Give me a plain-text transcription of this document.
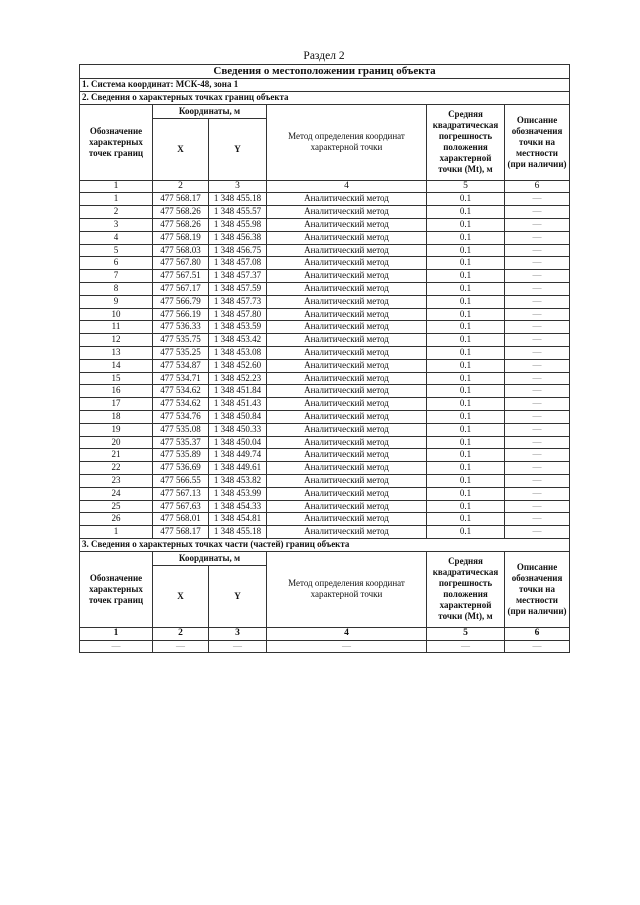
Раздел 2
Сведения о местоположении границ объекта					
1. Система координат: МСК-48, зона 1					
2. Сведения о характерных точках границ объекта					
Обозначение характерных точек границ	Координаты, м		Метод определения координат характерной точки	Средняя квадратическая погрешность положения характерной точки (Mt), м	Описание обозначения точки на местности (при наличии)
	X	Y			
1	2	3	4	5	6
1	477 568.17	1 348 455.18	Аналитический метод	0.1	—
2	477 568.26	1 348 455.57	Аналитический метод	0.1	—
3	477 568.26	1 348 455.98	Аналитический метод	0.1	—
4	477 568.19	1 348 456.38	Аналитический метод	0.1	—
5	477 568.03	1 348 456.75	Аналитический метод	0.1	—
6	477 567.80	1 348 457.08	Аналитический метод	0.1	—
7	477 567.51	1 348 457.37	Аналитический метод	0.1	—
8	477 567.17	1 348 457.59	Аналитический метод	0.1	—
9	477 566.79	1 348 457.73	Аналитический метод	0.1	—
10	477 566.19	1 348 457.80	Аналитический метод	0.1	—
11	477 536.33	1 348 453.59	Аналитический метод	0.1	—
12	477 535.75	1 348 453.42	Аналитический метод	0.1	—
13	477 535.25	1 348 453.08	Аналитический метод	0.1	—
14	477 534.87	1 348 452.60	Аналитический метод	0.1	—
15	477 534.71	1 348 452.23	Аналитический метод	0.1	—
16	477 534.62	1 348 451.84	Аналитический метод	0.1	—
17	477 534.62	1 348 451.43	Аналитический метод	0.1	—
18	477 534.76	1 348 450.84	Аналитический метод	0.1	—
19	477 535.08	1 348 450.33	Аналитический метод	0.1	—
20	477 535.37	1 348 450.04	Аналитический метод	0.1	—
21	477 535.89	1 348 449.74	Аналитический метод	0.1	—
22	477 536.69	1 348 449.61	Аналитический метод	0.1	—
23	477 566.55	1 348 453.82	Аналитический метод	0.1	—
24	477 567.13	1 348 453.99	Аналитический метод	0.1	—
25	477 567.63	1 348 454.33	Аналитический метод	0.1	—
26	477 568.01	1 348 454.81	Аналитический метод	0.1	—
1	477 568.17	1 348 455.18	Аналитический метод	0.1	—
3. Сведения о характерных точках части (частей) границ объекта					
Обозначение характерных точек границ	Координаты, м		Метод определения координат характерной точки	Средняя квадратическая погрешность положения характерной точки (Mt), м	Описание обозначения точки на местности (при наличии)
	X	Y			
1	2	3	4	5	6
—	—	—	—	—	—
